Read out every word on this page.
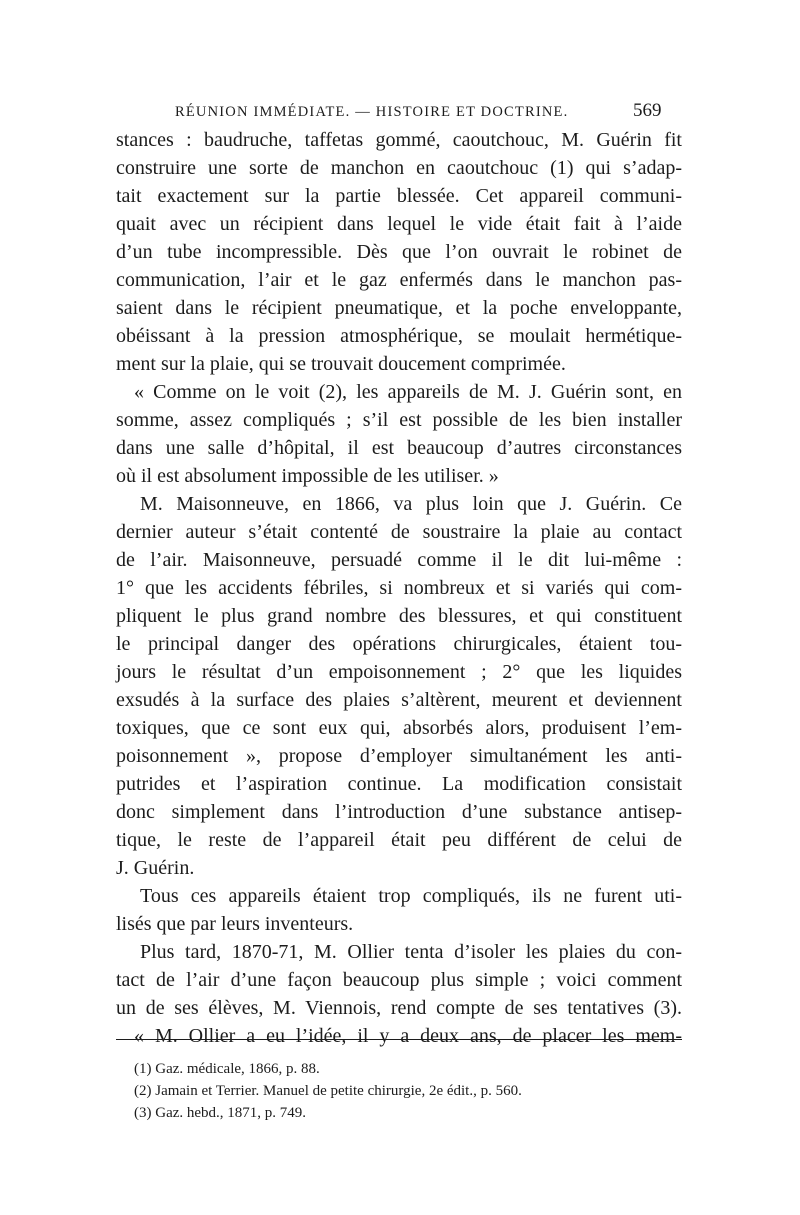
RÉUNION IMMÉDIATE. — HISTOIRE ET DOCTRINE.	569
stances : baudruche, taffetas gommé, caoutchouc, M. Guérin fit
construire une sorte de manchon en caoutchouc (1) qui s’adap-
tait exactement sur la partie blessée. Cet appareil communi-
quait avec un récipient dans lequel le vide était fait à l’aide
d’un tube incompressible. Dès que l’on ouvrait le robinet de
communication, l’air et le gaz enfermés dans le manchon pas-
saient dans le récipient pneumatique, et la poche enveloppante,
obéissant à la pression atmosphérique, se moulait hermétique-
ment sur la plaie, qui se trouvait doucement comprimée.
« Comme on le voit (2), les appareils de M. J. Guérin sont, en
somme, assez compliqués ; s’il est possible de les bien installer
dans une salle d’hôpital, il est beaucoup d’autres circonstances
où il est absolument impossible de les utiliser. »
M. Maisonneuve, en 1866, va plus loin que J. Guérin. Ce
dernier auteur s’était contenté de soustraire la plaie au contact
de l’air. Maisonneuve, persuadé comme il le dit lui-même :
1° que les accidents fébriles, si nombreux et si variés qui com-
pliquent le plus grand nombre des blessures, et qui constituent
le principal danger des opérations chirurgicales, étaient tou-
jours le résultat d’un empoisonnement ; 2° que les liquides
exsudés à la surface des plaies s’altèrent, meurent et deviennent
toxiques, que ce sont eux qui, absorbés alors, produisent l’em-
poisonnement », propose d’employer simultanément les anti-
putrides et l’aspiration continue. La modification consistait
donc simplement dans l’introduction d’une substance antisep-
tique, le reste de l’appareil était peu différent de celui de
J. Guérin.
Tous ces appareils étaient trop compliqués, ils ne furent uti-
lisés que par leurs inventeurs.
Plus tard, 1870-71, M. Ollier tenta d’isoler les plaies du con-
tact de l’air d’une façon beaucoup plus simple ; voici comment
un de ses élèves, M. Viennois, rend compte de ses tentatives (3).
« M. Ollier a eu l’idée, il y a deux ans, de placer les mem-
(1) Gaz. médicale, 1866, p. 88.
(2) Jamain et Terrier. Manuel de petite chirurgie, 2e édit., p. 560.
(3) Gaz. hebd., 1871, p. 749.
